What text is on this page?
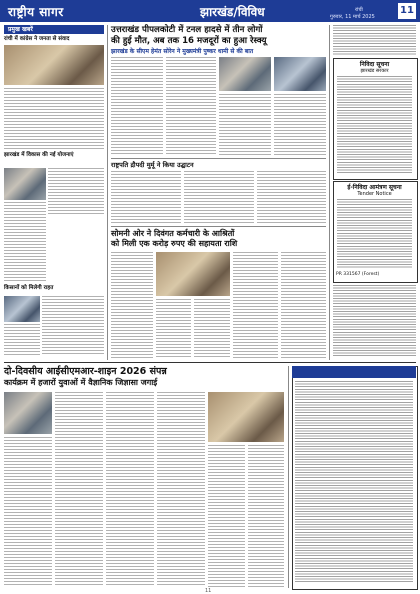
राष्ट्रीय सागर	झारखंड/विविध	रांची
गुरुवार, 11 मार्च 2025
11
प्रमुख खबरें
रांची में कांग्रेस ने जनता से संवाद
झारखंड में विकास की नई योजनाएं
किसानों को मिलेगी राहत
उत्तराखंड पीपलकोटी में टनल हादसे में तीन लोगों
की हुई मौत, अब तक 16 मजदूरों का हुआ रेस्क्यू
झारखंड के सीएम हेमंत सोरेन ने मुख्यमंत्री पुष्कर धामी से की बात
राष्ट्रपति द्रौपदी मुर्मू ने किया उद्घाटन
सोमनी ओर ने दिवंगत कर्मचारी के आश्रितों
को मिली एक करोड़ रुपए की सहायता राशि
निविदा सूचना
झारखंड सरकार
ई-निविदा आमंत्रण सूचना
Tender Notice
PR 331567 (Forest)
दो-दिवसीय आईसीएमआर-शाइन 2026 संपन्न
कार्यक्रम में हजारों युवाओं में वैज्ञानिक जिज्ञासा जगाई
11
